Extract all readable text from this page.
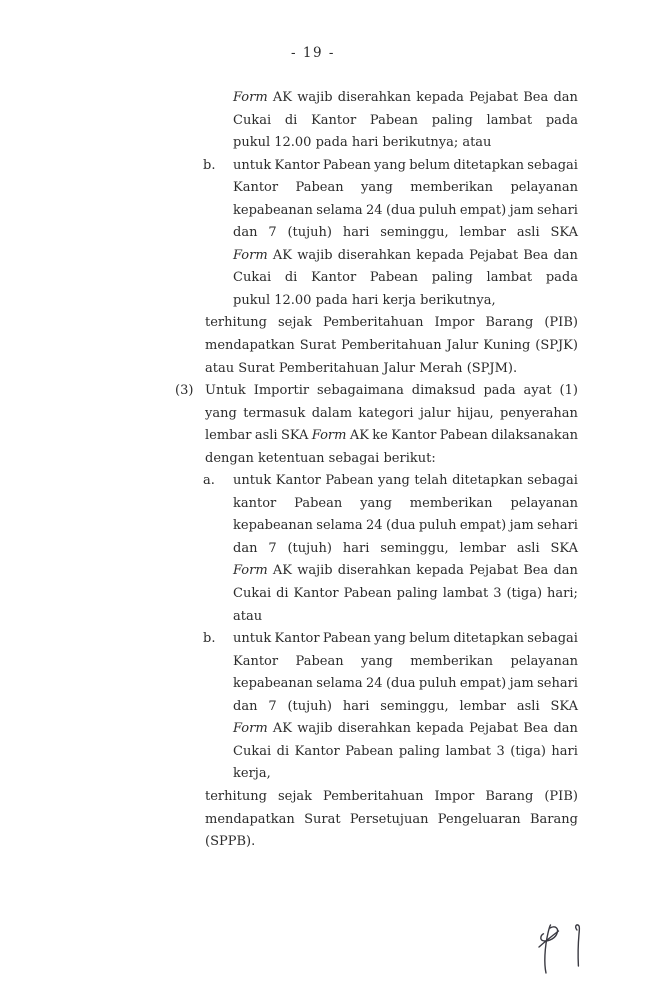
- 19 -
Form AK wajib diserahkan kepada Pejabat Bea dan
Cukai di Kantor Pabean paling lambat pada
pukul 12.00 pada hari berikutnya; atau
b.	untuk Kantor Pabean yang belum ditetapkan sebagai
Kantor Pabean yang memberikan pelayanan
kepabeanan selama 24 (dua puluh empat) jam sehari
dan 7 (tujuh) hari seminggu, lembar asli SKA
Form AK wajib diserahkan kepada Pejabat Bea dan
Cukai di Kantor Pabean paling lambat pada
pukul 12.00 pada hari kerja berikutnya,
terhitung sejak Pemberitahuan Impor Barang (PIB)
mendapatkan Surat Pemberitahuan Jalur Kuning (SPJK)
atau Surat Pemberitahuan Jalur Merah (SPJM).
(3) Untuk Importir sebagaimana dimaksud pada ayat (1)
yang termasuk dalam kategori jalur hijau, penyerahan
lembar asli SKA Form AK ke Kantor Pabean dilaksanakan
dengan ketentuan sebagai berikut:
a.	untuk Kantor Pabean yang telah ditetapkan sebagai
kantor Pabean yang memberikan pelayanan
kepabeanan selama 24 (dua puluh empat) jam sehari
dan 7 (tujuh) hari seminggu, lembar asli SKA
Form AK wajib diserahkan kepada Pejabat Bea dan
Cukai di Kantor Pabean paling lambat 3 (tiga) hari;
atau
b.	untuk Kantor Pabean yang belum ditetapkan sebagai
Kantor Pabean yang memberikan pelayanan
kepabeanan selama 24 (dua puluh empat) jam sehari
dan 7 (tujuh) hari seminggu, lembar asli SKA
Form AK wajib diserahkan kepada Pejabat Bea dan
Cukai di Kantor Pabean paling lambat 3 (tiga) hari
kerja,
terhitung sejak Pemberitahuan Impor Barang (PIB)
mendapatkan Surat Persetujuan Pengeluaran Barang
(SPPB).
